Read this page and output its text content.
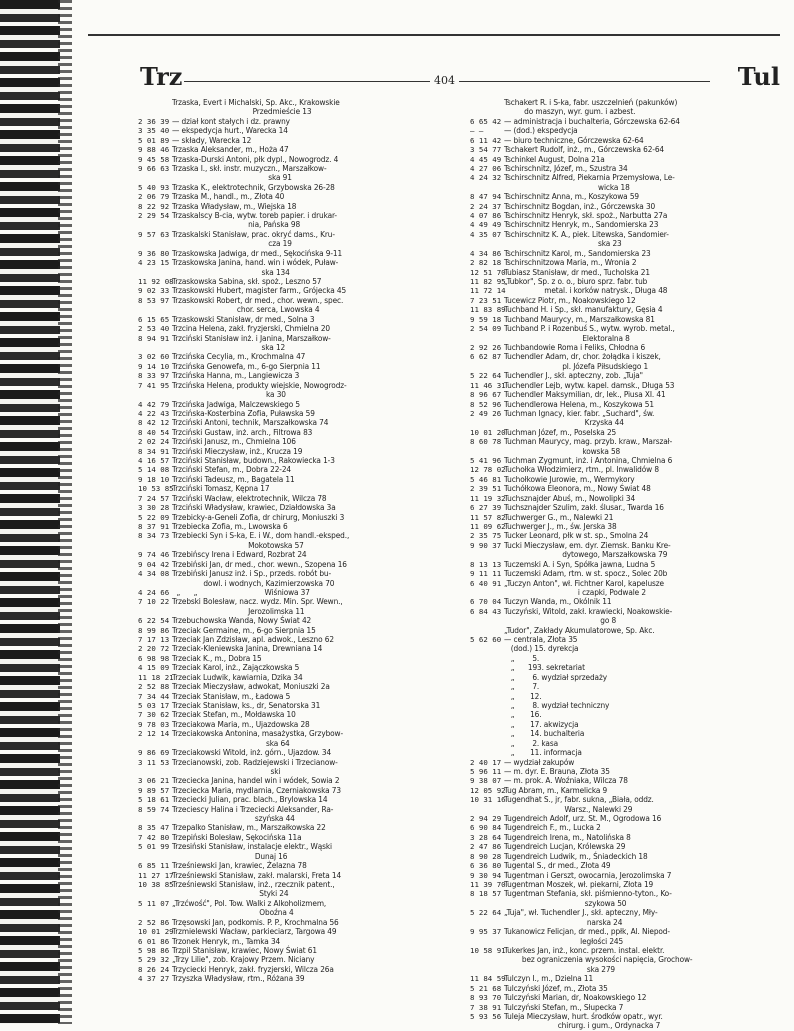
Trz	404	Tul
Trzaska, Evert i Michalski, Sp. Akc., Krakowskie
Przedmieście 13
2 36 39 — dział kont stałych i dz. prawny
3 35 40 — ekspedycja hurt., Warecka 14
5 01 89 — składy, Warecka 12
9 88 46 Trzaska Aleksander, m., Hoża 47
9 45 58 Trzaska-Durski Antoni, płk dypl., Nowogrodz. 4
9 66 63 Trzaska I., skł. instr. muzyczn., Marszałkow-
ska 91
5 40 93 Trzaska K., elektrotechnik, Grzybowska 26-28
2 06 79 Trzaska M., handl., m., Złota 40
8 22 92 Trzaska Władysław, m., Wiejska 18
2 29 54 Trzaskalscy B-cia, wytw. toreb papier. i drukar-
nia, Pańska 98
9 57 63 Trzaskalski Stanisław, prac. okryć dams., Kru-
cza 19
9 36 80 Trzaskowska Jadwiga, dr med., Sękocińska 9-11
4 23 15 Trzaskowska Janina, hand. win i wódek, Puław-
ska 134
11 92 08
Trzaskowska Sabina, skł. spoż., Leszno 57
9 02 33 Trzaskowski Hubert, magister farm., Grójecka 45
8 53 97 Trzaskowski Robert, dr med., chor. wewn., spec.
chor. serca, Lwowska 4
6 15 65 Trzaskowski Stanisław, dr med., Solna 3
2 53 40 Trzcina Helena, zakł. fryzjerski, Chmielna 20
8 94 91 Trzciński Stanisław inż. i Janina, Marszałkow-
ska 12
3 02 60 Trzcińska Cecylia, m., Krochmalna 47
9 14 10 Trzcińska Genowefa, m., 6-go Sierpnia 11
8 33 97 Trzcińska Hanna, m., Langiewicza 3
7 41 95 Trzcińska Helena, produkty wiejskie, Nowogrodz-
ka 30
4 42 79 Trzcińska Jadwiga, Malczewskiego 5
4 22 43 Trzcińska-Kosterbina Zofia, Puławska 59
8 42 12 Trzciński Antoni, technik, Marszałkowska 74
8 40 54 Trzciński Gustaw, inż. arch., Filtrowa 83
2 02 24 Trzciński Janusz, m., Chmielna 106
8 34 91 Trzciński Mieczysław, inż., Krucza 19
4 16 57 Trzciński Stanisław, budown., Rakowiecka 1-3
5 14 08 Trzciński Stefan, m., Dobra 22-24
9 18 10 Trzciński Tadeusz, m., Bagatela 11
10 53 85
Trzciński Tomasz, Kępna 17
7 24 57 Trzciński Wacław, elektrotechnik, Wilcza 78
3 30 28 Trzciński Władysław, krawiec, Działdowska 3a
5 22 09 Trzebicky-a-Geneli Zofia, dr chirurg, Moniuszki 3
8 37 91 Trzebiecka Zofia, m., Lwowska 6
8 34 73 Trzebiecki Syn i S-ka, E. i W., dom handl.-eksped.,
Mokotowska 57
9 74 46 Trzebińscy Irena i Edward, Rozbrat 24
9 04 42 Trzebiński Jan, dr med., chor. wewn., Szopena 16
4 34 08 Trzebiński Janusz inż. i Sp., przeds. robót bu-
dowl. i wodnych, Kazimierzowska 70
4 24 66 „      „                              Wiśniowa 37
7 10 22 Trzebski Bolesław, nacz. wydz. Min. Spr. Wewn.,
Jerozolimska 11
6 22 54 Trzebuchowska Wanda, Nowy Świat 42
8 99 86 Trzeciak Germaine, m., 6-go Sierpnia 15
7 17 13 Trzeciak Jan Zdzisław, apl. adwok., Leszno 62
2 20 72 Trzeciak-Kleniewska Janina, Drewniana 14
6 98 98 Trzeciak K., m., Dobra 15
4 15 09 Trzeciak Karol, inż., Zajączkowska 5
11 18 21
Trzeciak Ludwik, kawiarnia, Dzika 34
2 52 88 Trzeciak Mieczysław, adwokat, Moniuszki 2a
7 34 44 Trzeciak Stanisław, m., Ładowa 5
5 03 17 Trzeciak Stanisław, ks., dr, Senatorska 31
7 30 62 Trzeciak Stefan, m., Mołdawska 10
9 78 03 Trzeciakowa Maria, m., Ujazdowska 28
2 12 14 Trzeciakowska Antonina, masażystka, Grzybow-
ska 64
9 86 69 Trzeciakowski Witold, inż. górn., Ujazdow. 34
3 11 53 Trzecianowski, zob. Radziejewski i Trzecianow-
ski
3 06 21 Trzeciecka Janina, handel win i wódek, Sowia 2
9 89 57 Trzeciecka Maria, mydlarnia, Czerniakowska 73
5 18 61 Trzeciecki Julian, prac. blach., Brylowska 14
8 59 74 Trzeciescy Halina i Trzeciecki Aleksander, Ra-
szyńska 44
8 35 47 Trzepalko Stanisław, m., Marszałkowska 22
7 42 80 Trzepiński Bolesław, Sękocińska 11a
5 01 99 Trzesiński Stanisław, instalacje elektr., Wąski
Dunaj 16
6 85 11 Trześniewski Jan, krawiec, Żelazna 78
11 27 17
Trześniewski Stanisław, zakł. malarski, Freta 14
10 38 85
Trześniewski Stanisław, inż., rzecznik patent.,
Styki 24
5 11 07 „Trzćwość", Pol. Tow. Walki z Alkoholizmem,
Oboźna 4
2 52 86 Trzęsowski Jan, podkomis. P. P., Krochmalna 56
10 01 29
Trzmielewski Wacław, parkieciarz, Targowa 49
6 01 86 Trzonek Henryk, m., Tamka 34
5 98 86 Trzpil Stanisław, krawiec, Nowy Świat 61
5 29 32 „Trzy Lilie", zob. Krajowy Przem. Niciany
8 26 24 Trzyciecki Henryk, zakł. fryzjerski, Wilcza 26a
4 37 27 Trzyszka Władysław, rtm., Różana 39
Tschakert R. i S-ka, fabr. uszczelnień (pakunków)
do maszyn, wyr. gum. i azbest.
6 65 42 — administracja i buchalteria, Górczewska 62-64
— —	— (dod.) ekspedycja
6 11 42 — biuro techniczne, Górczewska 62-64
3 54 77 Tschakert Rudolf, inż., m., Górczewska 62-64
4 45 49 Tschinkel August, Dolna 21a
4 27 06 Tschirschnitz, Józef, m., Szustra 34
4 24 32 Tschirschnitz Alfred, Piekarnia Przemysłowa, Le-
wicka 18
8 47 94 Tschirschnitz Anna, m., Koszykowa 59
2 24 37 Tschirschnitz Bogdan, inż., Górczewska 30
4 07 86 Tschirschnitz Henryk, skł. spoż., Narbutta 27a
4 49 49 Tschirschnitz Henryk, m., Sandomierska 23
4 35 07 Tschirschnitz K. A., piek. Litewska, Sandomier-
ska 23
4 34 86 Tschirschnitz Karol, m., Sandomierska 23
2 82 18 Tschirschnitzowa Maria, m., Wronia 2
12 51 70
Tubiasz Stanisław, dr med., Tucholska 21
11 82 95
„Tubkor", Sp. z o. o., biuro sprz. fabr. tub
11 72 14
metal. i korków natrysk., Długa 48
7 23 51 Tucewicz Piotr, m., Noakowskiego 12
11 83 89
Tuchband H. i Sp., skł. manufaktury, Gęsia 4
9 59 18 Tuchband Maurycy, m., Marszałkowska 81
2 54 09 Tuchband P. i Rozenbuś S., wytw. wyrob. metal.,
Elektoralna 8
2 92 26 Tuchbandowie Roma i Feliks, Chłodna 6
6 62 87 Tuchendler Adam, dr, chor. żołądka i kiszek,
pl. Józefa Piłsudskiego 1
5 22 64 Tuchendler J., skł. apteczny, zob. „Tuja"
11 46 31
Tuchendler Lejb, wytw. kapel. damsk., Długa 53
8 96 67 Tuchendler Maksymilian, dr, lek., Piusa XI. 41
8 52 96 Tuchendlerowa Helena, m., Koszykowa 51
2 49 26 Tuchman Ignacy, kier. fabr. „Suchard", św.
Krzyska 44
10 01 20
Tuchman Józef, m., Poselska 25
8 60 78 Tuchman Maurycy, mag. przyb. kraw., Marszał-
kowska 58
5 41 96 Tuchman Zygmunt, inż. i Antonina, Chmielna 6
12 78 02
Tuchołka Włodzimierz, rtm., pl. Inwalidów 8
5 46 81 Tuchołkowie Jurowie, m., Wermykory
2 39 51 Tuchółkowa Eleonora, m., Nowy Świat 48
11 19 32
Tuchsznajder Abuś, m., Nowolipki 34
6 27 39 Tuchsznajder Szulim, zakł. ślusar., Twarda 16
11 57 82
Tuchwerger G., m., Nalewki 21
11 09 62
Tuchwerger J., m., św. Jerska 38
2 35 75 Tucker Leonard, płk w st. sp., Smolna 24
9 90 37 Tucki Mieczysław, em. dyr. Ziemsk. Banku Kre-
dytowego, Marszałkowska 79
8 13 13 Tuczemski A. i Syn, Spółka jawna, Ludna 5
9 11 11 Tuczemski Adam, rtm. w st. spocz., Solec 20b
6 40 91 „Tuczyn Anton", wł. Fichtner Karol, kapelusze
i czapki, Podwale 2
6 70 04 Tuczyn Wanda, m., Okólnik 11
6 84 43 Tuczyński, Witold, zakł. krawiecki, Noakowskie-
go 8
„Tudor", Zakłady Akumulatorowe, Sp. Akc.
5 62 60 — centrala, Złota 35
(dod.) 15. dyrekcja
„        5.
„      193. sekretariat
„        6. wydział sprzedaży
„        7.
„       12.
„        8. wydział techniczny
„       16.
„       17. akwizycja
„       14. buchalteria
„        2. kasa
„       11. informacja
2 40 17 — wydział zakupów
5 96 11 — m. dyr. E. Brauna, Złota 35
9 38 07 — m. prok. A. Woźniaka, Wilcza 78
12 05 92
Tug Abram, m., Karmelicka 9
10 31 16
Tugendhat S., jr, fabr. sukna, „Biała, oddz.
Warsz., Nalewki 29
2 94 29 Tugendreich Adolf, urz. St. M., Ogrodowa 16
6 90 84 Tugendreich F., m., Lucka 2
3 28 64 Tugendreich Irena, m., Natolińska 8
2 47 86 Tugendreich Lucjan, Królewska 29
8 90 28 Tugendreich Ludwik, m., Śniadeckich 18
6 36 80 Tugental S., dr med., Złota 49
9 30 94 Tugentman i Gerszt, owocarnia, Jerozolimska 7
11 39 70
Tugentman Moszek, wł. piekarni, Złota 19
8 18 57 Tugentman Stefania, skł. piśmienno-tyton., Ko-
szykowa 50
5 22 64 „Tuja", wł. Tuchendler J., skł. apteczny, Mły-
narska 24
9 95 37 Tukanowicz Felicjan, dr med., ppłk, Al. Niepod-
ległości 245
10 58 91
Tukerkes Jan, inż., konc. przem. instal. elektr.
bez ograniczenia wysokości napięcia, Grochow-
ska 279
11 84 59
Tulczyn I., m., Dzielna 11
5 21 68 Tulczyński Józef, m., Złota 35
8 93 70 Tulczyński Marian, dr, Noakowskiego 12
7 38 91 Tulczyński Stefan, m., Słupecka 7
5 93 56 Tuleja Mieczysław, hurt. środków opatr., wyr.
chirurg. i gum., Ordynacka 7
